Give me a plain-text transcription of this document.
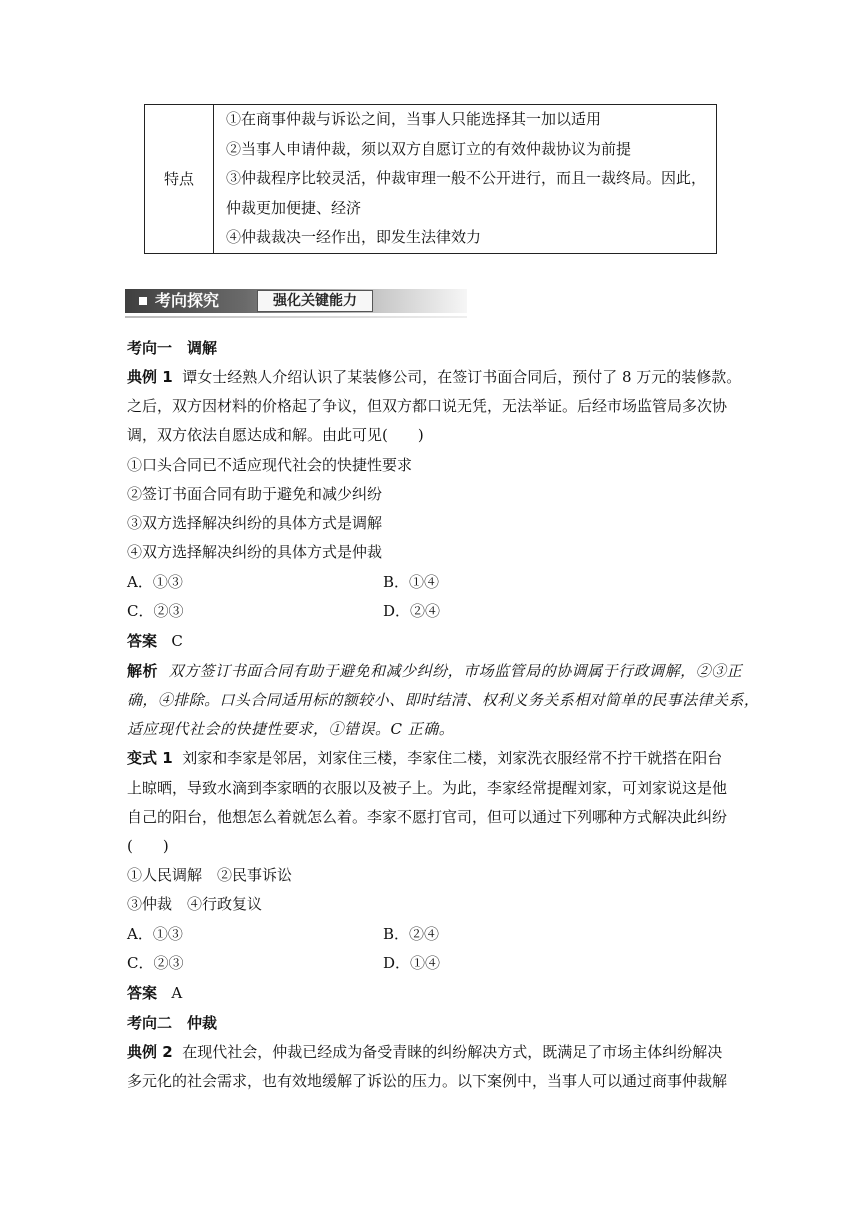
特点
①在商事仲裁与诉讼之间，当事人只能选择其一加以适用
②当事人申请仲裁，须以双方自愿订立的有效仲裁协议为前提
③仲裁程序比较灵活，仲裁审理一般不公开进行，而且一裁终局。因此，
仲裁更加便捷、经济
④仲裁裁决一经作出，即发生法律效力
考向探究	强化关键能力
考向一　调解
典例 1 谭女士经熟人介绍认识了某装修公司，在签订书面合同后，预付了 8 万元的装修款。
之后，双方因材料的价格起了争议，但双方都口说无凭，无法举证。后经市场监管局多次协
调，双方依法自愿达成和解。由此可见(　　)
①口头合同已不适应现代社会的快捷性要求
②签订书面合同有助于避免和减少纠纷
③双方选择解决纠纷的具体方式是调解
④双方选择解决纠纷的具体方式是仲裁
A．①③	B．①④
C．②③	D．②④
答案 C
解析 双方签订书面合同有助于避免和减少纠纷，市场监管局的协调属于行政调解，②③正
确，④排除。口头合同适用标的额较小、即时结清、权利义务关系相对简单的民事法律关系，
适应现代社会的快捷性要求，①错误。C 正确。
变式 1 刘家和李家是邻居，刘家住三楼，李家住二楼，刘家洗衣服经常不拧干就搭在阳台
上晾晒，导致水滴到李家晒的衣服以及被子上。为此，李家经常提醒刘家，可刘家说这是他
自己的阳台，他想怎么着就怎么着。李家不愿打官司，但可以通过下列哪种方式解决此纠纷
(　　)
①人民调解　②民事诉讼
③仲裁　④行政复议
A．①③	B．②④
C．②③	D．①④
答案 A
考向二　仲裁
典例 2 在现代社会，仲裁已经成为备受青睐的纠纷解决方式，既满足了市场主体纠纷解决
多元化的社会需求，也有效地缓解了诉讼的压力。以下案例中，当事人可以通过商事仲裁解
